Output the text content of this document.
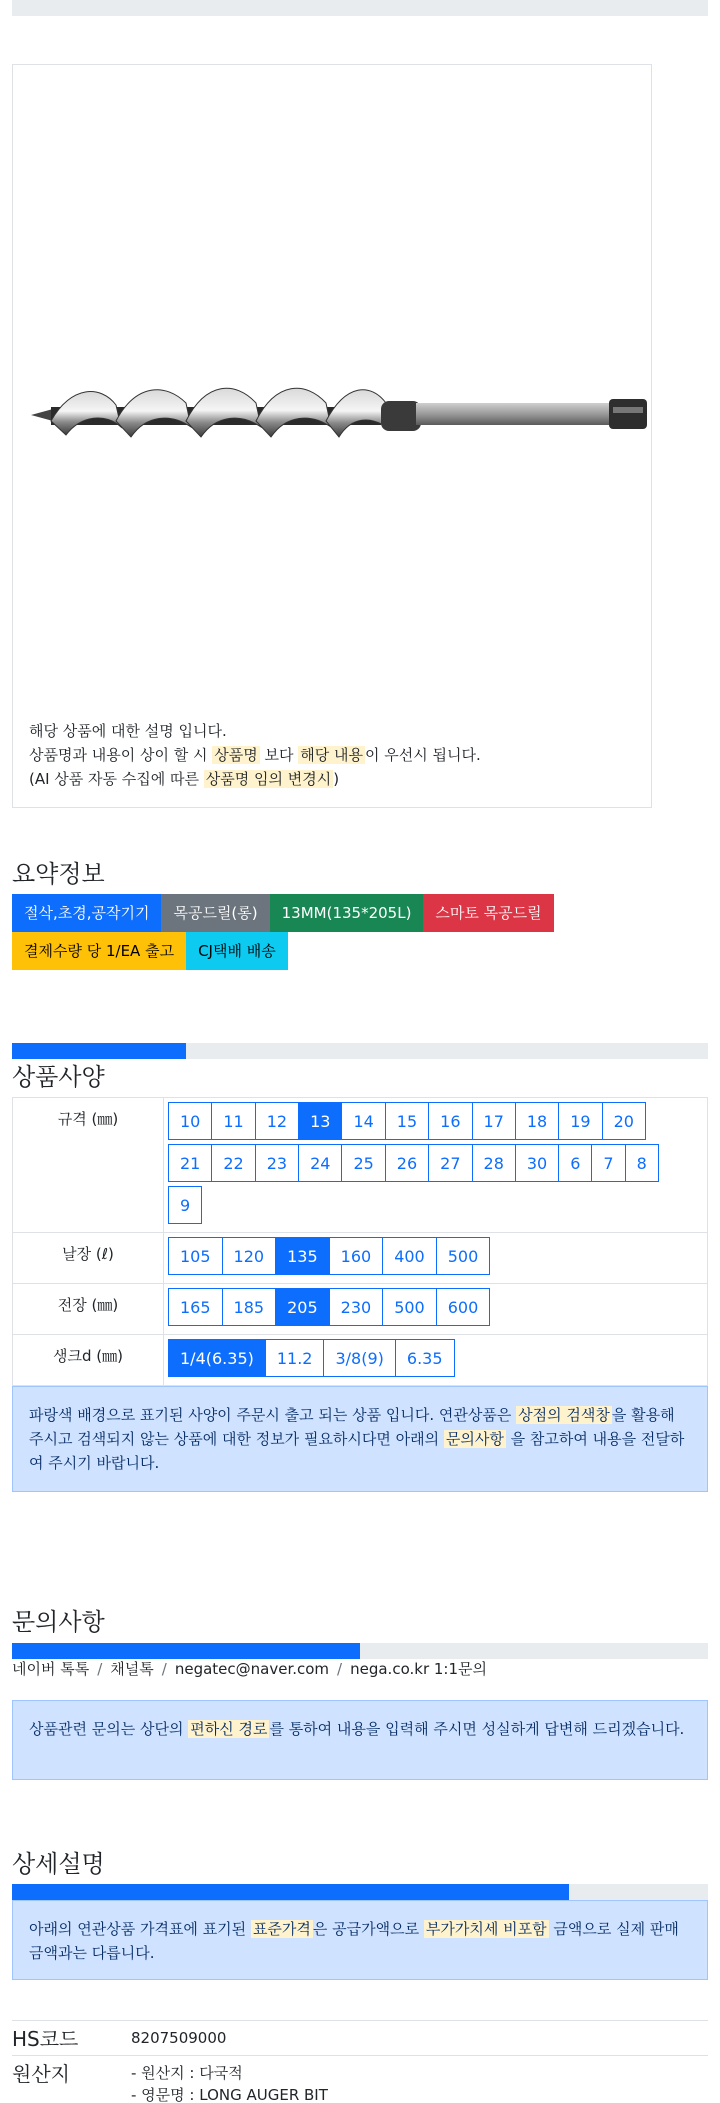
해당 상품에 대한 설명 입니다.
상품명과 내용이 상이 할 시 상품명 보다 해당 내용 이 우선시 됩니다.
(AI 상품 자동 수집에 따른 상품명 임의 변경시 )
요약정보
절삭,초경,공작기기	목공드릴(롱)	13MM(135*205L)	스마토 목공드릴
결제수량 당 1/EA 출고	CJ택배 배송
상품사양
규격 (㎜)	10 11 12 13 14 15 16 17 18 19 20
21 22 23 24 25 26 27 28 30 6 7 8
9

날장 (ℓ)	105 120 135 160 400 500

전장 (㎜)	165 185 205 230 500 600

생크d (㎜)	1/4(6.35) 11.2 3/8(9) 6.35
파랑색 배경으로 표기된 사양이 주문시 출고 되는 상품 입니다. 연관상품은 상점의 검색창 을 활용해 주시고 검색되지 않는 상품에 대한 정보가 필요하시다면 아래의 문의사항 을 참고하여 내용을 전달하여 주시기 바랍니다.
문의사항
네이버 톡톡 / 채널톡 / negatec@naver.com / nega.co.kr 1:1문의
상품관련 문의는 상단의 편하신 경로 를 통하여 내용을 입력해 주시면 성실하게 답변해 드리겠습니다.
상세설명
아래의 연관상품 가격표에 표기된 표준가격 은 공급가액으로 부가가치세 비포함 금액으로 실제 판매금액과는 다릅니다.
HS코드	8207509000
원산지	- 원산지 : 다국적
- 영문명 : LONG AUGER BIT
